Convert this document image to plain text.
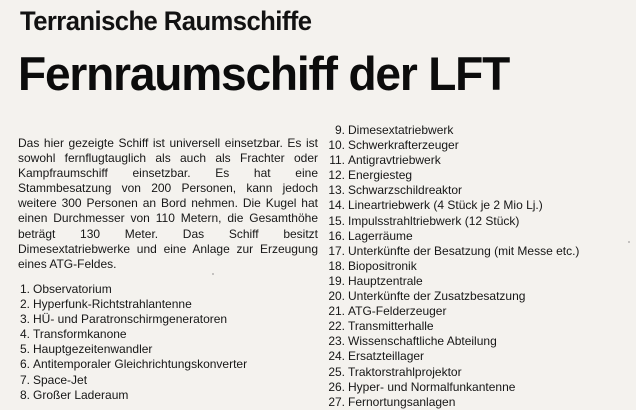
Terranische Raumschiffe
Fernraumschiff der LFT

Das hier gezeigte Schiff ist universell einsetzbar. Es ist sowohl fernflugtauglich als auch als Frachter oder Kampfraumschiff einsetzbar. Es hat eine Stammbesatzung von 200 Personen, kann jedoch weitere 300 Personen an Bord nehmen. Die Kugel hat einen Durchmesser von 110 Metern, die Gesamthöhe beträgt 130 Meter. Das Schiff besitzt Dimesextatriebwerke und eine Anlage zur Erzeugung eines ATG-Feldes.

1. Observatorium
2. Hyperfunk-Richtstrahlantenne
3. HÜ- und Paratronschirmgeneratoren
4. Transformkanone
5. Hauptgezeitenwandler
6. Antitemporaler Gleichrichtungskonverter
7. Space-Jet
8. Großer Laderaum
9. Dimesextatriebwerk
10. Schwerkrafterzeuger
11. Antigravtriebwerk
12. Energiesteg
13. Schwarzschildreaktor
14. Lineartriebwerk (4 Stück je 2 Mio Lj.)
15. Impulsstrahltriebwerk (12 Stück)
16. Lagerräume
17. Unterkünfte der Besatzung (mit Messe etc.)
18. Biopositronik
19. Hauptzentrale
20. Unterkünfte der Zusatzbesatzung
21. ATG-Felderzeuger
22. Transmitterhalle
23. Wissenschaftliche Abteilung
24. Ersatzteillager
25. Traktorstrahlprojektor
26. Hyper- und Normalfunkantenne
27. Fernortungsanlagen
